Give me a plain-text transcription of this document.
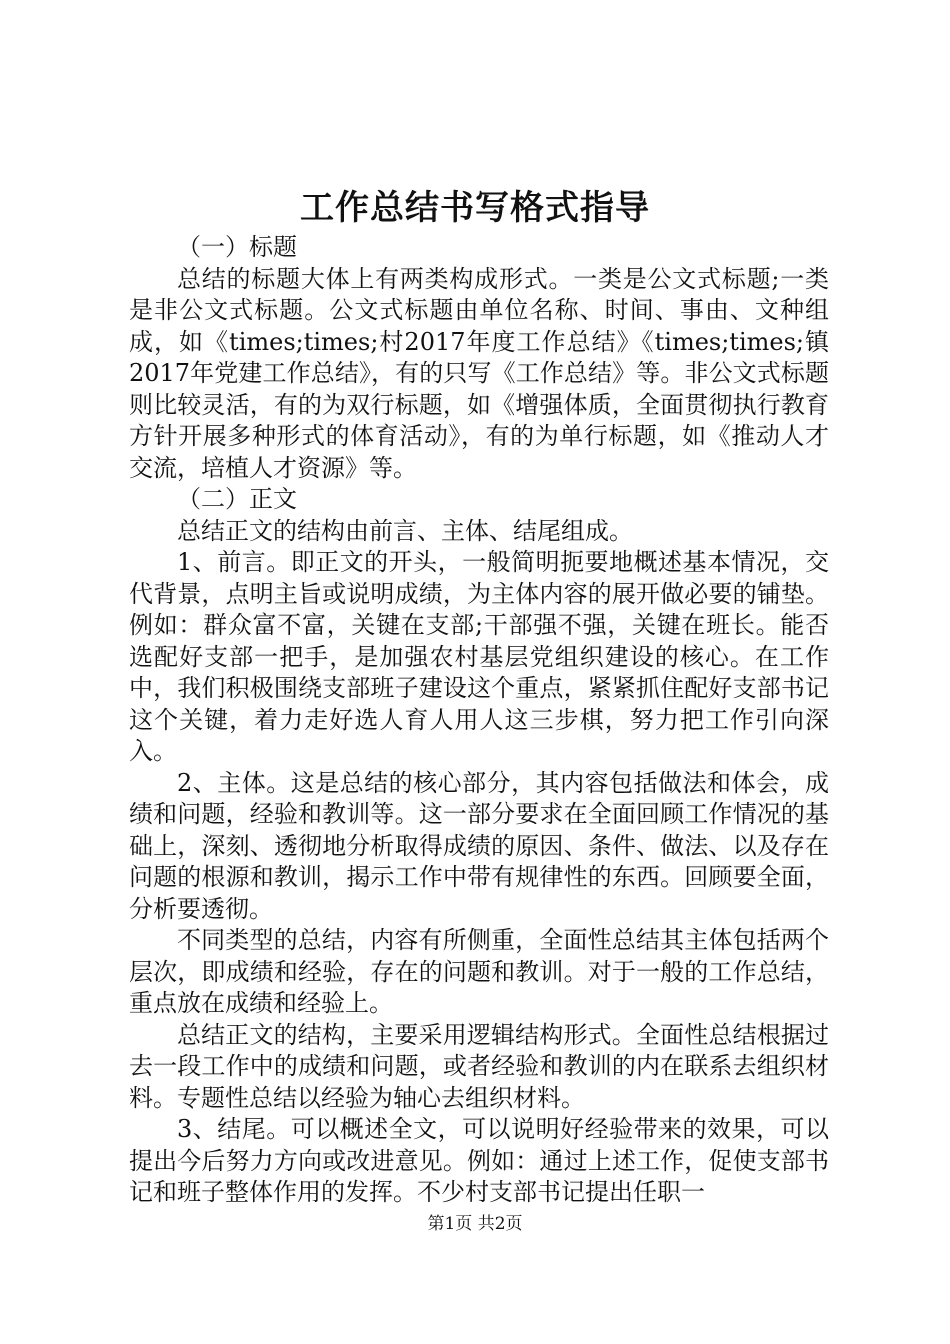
工作总结书写格式指导

（一）标题

总结的标题大体上有两类构成形式。一类是公文式标题;一类是非公文式标题。公文式标题由单位名称、时间、事由、文种组成，如《times;times;村2017年度工作总结》《times;times;镇2017年党建工作总结》，有的只写《工作总结》等。非公文式标题则比较灵活，有的为双行标题，如《增强体质，全面贯彻执行教育方针开展多种形式的体育活动》，有的为单行标题，如《推动人才交流，培植人才资源》等。

（二）正文

总结正文的结构由前言、主体、结尾组成。

1、前言。即正文的开头，一般简明扼要地概述基本情况，交代背景，点明主旨或说明成绩，为主体内容的展开做必要的铺垫。例如：群众富不富，关键在支部;干部强不强，关键在班长。能否选配好支部一把手，是加强农村基层党组织建设的核心。在工作中，我们积极围绕支部班子建设这个重点，紧紧抓住配好支部书记这个关键，着力走好选人育人用人这三步棋，努力把工作引向深入。

2、主体。这是总结的核心部分，其内容包括做法和体会，成绩和问题，经验和教训等。这一部分要求在全面回顾工作情况的基础上，深刻、透彻地分析取得成绩的原因、条件、做法、以及存在问题的根源和教训，揭示工作中带有规律性的东西。回顾要全面，分析要透彻。

不同类型的总结，内容有所侧重，全面性总结其主体包括两个层次，即成绩和经验，存在的问题和教训。对于一般的工作总结，重点放在成绩和经验上。

总结正文的结构，主要采用逻辑结构形式。全面性总结根据过去一段工作中的成绩和问题，或者经验和教训的内在联系去组织材料。专题性总结以经验为轴心去组织材料。

3、结尾。可以概述全文，可以说明好经验带来的效果，可以提出今后努力方向或改进意见。例如：通过上述工作，促使支部书记和班子整体作用的发挥。不少村支部书记提出任职一

第1页 共2页
